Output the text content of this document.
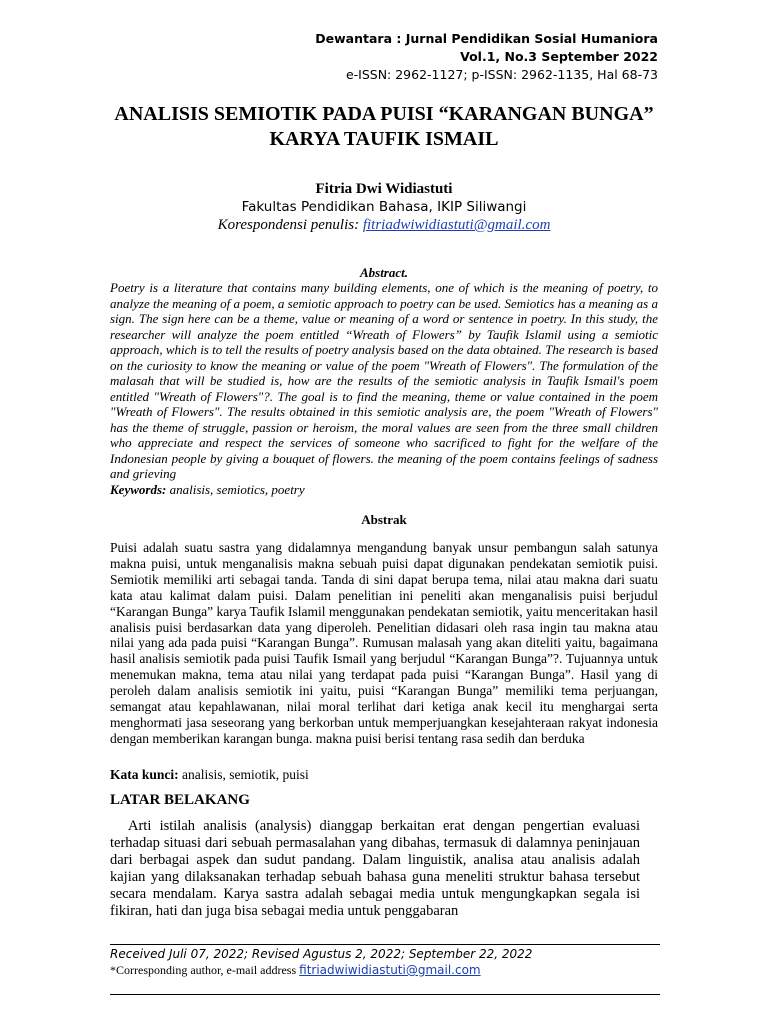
Dewantara : Jurnal Pendidikan Sosial Humaniora
Vol.1, No.3 September 2022
e-ISSN: 2962-1127; p-ISSN: 2962-1135, Hal 68-73
ANALISIS SEMIOTIK PADA PUISI “KARANGAN BUNGA” KARYA TAUFIK ISMAIL
Fitria Dwi Widiastuti
Fakultas Pendidikan Bahasa, IKIP Siliwangi
Korespondensi penulis: fitriadwiwidiastuti@gmail.com
Abstract.
Poetry is a literature that contains many building elements, one of which is the meaning of poetry, to analyze the meaning of a poem, a semiotic approach to poetry can be used. Semiotics has a meaning as a sign. The sign here can be a theme, value or meaning of a word or sentence in poetry. In this study, the researcher will analyze the poem entitled “Wreath of Flowers” by Taufik Islamil using a semiotic approach, which is to tell the results of poetry analysis based on the data obtained. The research is based on the curiosity to know the meaning or value of the poem "Wreath of Flowers". The formulation of the malasah that will be studied is, how are the results of the semiotic analysis in Taufik Ismail's poem entitled "Wreath of Flowers"?. The goal is to find the meaning, theme or value contained in the poem "Wreath of Flowers". The results obtained in this semiotic analysis are, the poem "Wreath of Flowers" has the theme of struggle, passion or heroism, the moral values are seen from the three small children who appreciate and respect the services of someone who sacrificed to fight for the welfare of the Indonesian people by giving a bouquet of flowers. the meaning of the poem contains feelings of sadness and grieving
Keywords: analisis, semiotics, poetry
Abstrak
Puisi adalah suatu sastra yang didalamnya mengandung banyak unsur pembangun salah satunya makna puisi, untuk menganalisis makna sebuah puisi dapat digunakan pendekatan semiotik puisi. Semiotik memiliki arti sebagai tanda. Tanda di sini dapat berupa tema, nilai atau makna dari suatu kata atau kalimat dalam puisi. Dalam penelitian ini peneliti akan menganalisis puisi berjudul “Karangan Bunga” karya Taufik Islamil menggunakan pendekatan semiotik, yaitu menceritakan hasil analisis puisi berdasarkan data yang diperoleh. Penelitian didasari oleh rasa ingin tau makna atau nilai yang ada pada puisi “Karangan Bunga”. Rumusan malasah yang akan diteliti yaitu, bagaimana hasil analisis semiotik pada puisi Taufik Ismail yang berjudul “Karangan Bunga”?. Tujuannya untuk menemukan makna, tema atau nilai yang terdapat pada puisi “Karangan Bunga”. Hasil yang di peroleh dalam analisis semiotik ini yaitu, puisi “Karangan Bunga” memiliki tema perjuangan, semangat atau kepahlawanan, nilai moral terlihat dari ketiga anak kecil itu menghargai serta menghormati jasa seseorang yang berkorban untuk memperjuangkan kesejahteraan rakyat indonesia dengan memberikan karangan bunga. makna puisi berisi tentang rasa sedih dan berduka
Kata kunci: analisis, semiotik, puisi
LATAR BELAKANG
Arti istilah analisis (analysis) dianggap berkaitan erat dengan pengertian evaluasi terhadap situasi dari sebuah permasalahan yang dibahas, termasuk di dalamnya peninjauan dari berbagai aspek dan sudut pandang. Dalam linguistik, analisa atau analisis adalah kajian yang dilaksanakan terhadap sebuah bahasa guna meneliti struktur bahasa tersebut secara mendalam. Karya sastra adalah sebagai media untuk mengungkapkan segala isi fikiran, hati dan juga bisa sebagai media untuk penggabaran
Received Juli 07, 2022; Revised Agustus 2, 2022; September 22, 2022
*Corresponding author, e-mail address fitriadwiwidiastuti@gmail.com
